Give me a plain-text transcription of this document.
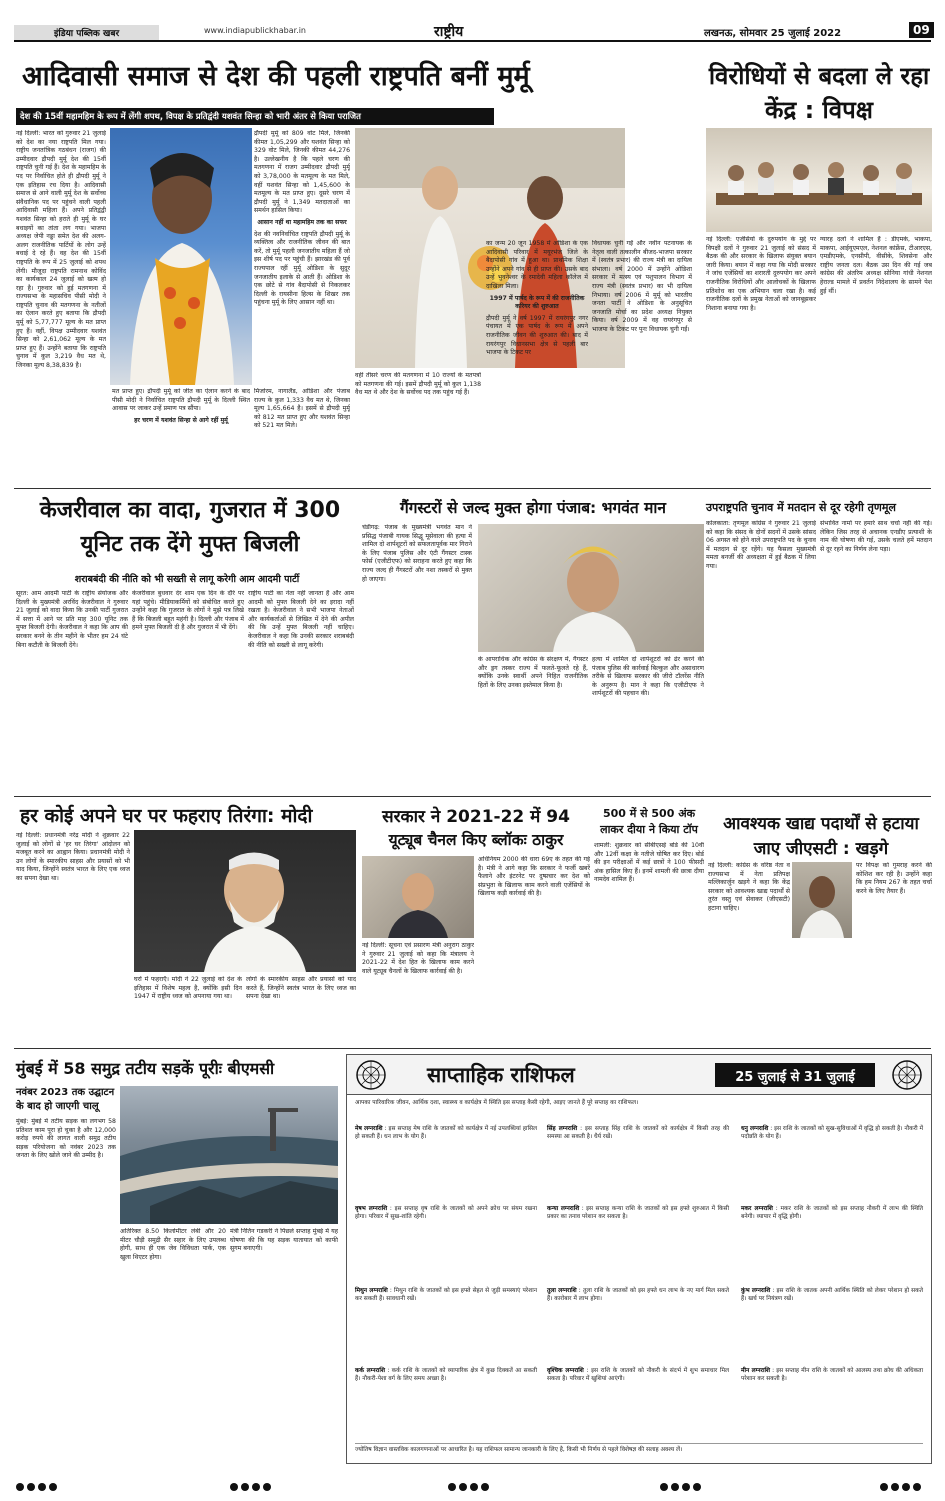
इंडिया पब्लिक खबर	www.indiapublickhabar.in	राष्ट्रीय	लखनऊ, सोमवार 25 जुलाई 2022	09
आदिवासी समाज से देश की पहली राष्ट्रपति बनीं मुर्मू
देश की 15वीं महामहिम के रूप में लेंगी शपथ, विपक्ष के प्रतिद्वंदी यशवंत सिन्हा को भारी अंतर से किया पराजित
नई दिल्ली: भारत को गुरुवार 21 जुलाई को देश का नया राष्ट्रपति मिल गया। राष्ट्रीय जनतांत्रिक गठबंधन (राजग) की उम्मीदवार द्रौपदी मुर्मू देश की 15वीं राष्ट्रपति चुनी गई हैं। देश के महामहिम के पद पर निर्वाचित होते ही द्रौपदी मुर्मू ने एक इतिहास रच दिया है। आदिवासी समाज से आने वाली मुर्मू देश के सर्वोच्च संवैधानिक पद पर पहुंचने वाली पहली आदिवासी महिला हैं। अपने प्रतिद्वंद्वी यशवंत सिन्हा को हराते ही मुर्मू के घर बधाइयों का तांता लग गया। भाजपा अध्यक्ष जेपी नड्डा समेत देश की अलग-अलग राजनीतिक पार्टियों के लोग उन्हें बधाई दे रहे हैं। वह देश की 15वीं राष्ट्रपति के रूप में 25 जुलाई को शपथ लेंगी। मौजूदा राष्ट्रपति रामनाथ कोविंद का कार्यकाल 24 जुलाई को खत्म हो रहा है। गुरुवार को हुई मतगणना में राज्यसभा के महासचिव पीसी मोदी ने राष्ट्रपति चुनाव की मतगणना के नतीजों का ऐलान करते हुए बताया कि द्रौपदी मुर्मू को 5,77,777 मूल्य के मत प्राप्त हुए हैं। वहीं, विपक्ष उम्मीदवार यशवंत सिन्हा को 2,61,062 मूल्य के मत प्राप्त हुए हैं। उन्होंने बताया कि राष्ट्रपति चुनाव में कुल 3,219 वैध मत थे, जिनका मूल्य 8,38,839 है।
द्रौपदी मुर्मू को 809 वोट मिले, जिनकी कीमत 1,05,299 और यशवंत सिन्हा को 329 वोट मिले, जिनकी कीमत 44,276 है। उल्लेखनीय है कि पहले चरण की मतगणना में राजग उम्मीदवार द्रौपदी मुर्मू को 3,78,000 के मतमूल्य के मत मिले, वहीं यशवंत सिन्हा को 1,45,600 के मतमूल्य के मत प्राप्त हुए। दूसरे चरण में द्रौपदी मुर्मू ने 1,349 मतदाताओं का समर्थन हासिल किया।
आसान नहीं था महामहिम तक का सफर
देश की नवनिर्वाचित राष्ट्रपति द्रौपदी मुर्मू के व्यक्तित्व और राजनीतिक जीवन की बात करें, तो मुर्मू पहली जनजातीय महिला हैं जो इस शीर्ष पद पर पहुंची हैं। झारखंड की पूर्व राज्यपाल रहीं मुर्मू ओडिशा के सुदूर जनजातीय इलाके से आती हैं। ओडिशा के एक छोटे से गांव बैदापोसी से निकलकर दिल्ली के रायसीना हिल्स के शिखर तक पहुंचना मुर्मू के लिए आसान नहीं था।
का जन्म 20 जून 1958 में ओडिशा के एक आदिवासी परिवार में मयूरभंज जिले के बैदापोसी गांव में हुआ था। प्राथमिक शिक्षा उन्होंने अपने गांव से ही प्राप्त की। उसके बाद उन्हें भुवनेश्वर के रमादेवी महिला कॉलेज में दाखिला मिला।
1997 में पार्षद के रूप में की राजनीतिक करियर की शुरुआत
द्रौपदी मुर्मू ने वर्ष 1997 में रायरंगपुर नगर पंचायत में एक पार्षद के रूप में अपने राजनीतिक जीवन की शुरुआत की। बाद में रायरंगपुर विधानसभा क्षेत्र से पहली बार भाजपा के टिकट पर
विधायक चुनी गईं और नवीन पटनायक के नेतृत्व वाली तत्कालीन बीजद-भाजपा सरकार में (स्वतंत्र प्रभार) की राज्य मंत्री का दायित्व संभाला। वर्ष 2000 में उन्होंने ओडिशा सरकार में मत्स्य एवं पशुपालन विभाग में राज्य मंत्री (स्वतंत्र प्रभार) का भी दायित्व निभाया। वर्ष 2006 में मुर्मू को भारतीय जनता पार्टी ने ओडिशा के अनुसूचित जनजाति मोर्चा का प्रदेश अध्यक्ष नियुक्त किया। वर्ष 2009 में वह रायरंगपुर से भाजपा के टिकट पर पुनः विधायक चुनी गईं।
मत प्राप्त हुए। द्रौपदी मुर्मू को जीत का ऐलान करने के बाद पीसी मोदी ने निर्वाचित राष्ट्रपति द्रौपदी मुर्मू के दिल्ली स्थित आवास पर जाकर उन्हें प्रमाण पत्र सौंपा।
हर चरण में यशवंत सिन्हा से आगे रहीं मुर्मू
मिजोरम, नागालैंड, ओडिशा और पंजाब राज्य के कुल 1,333 वैध मत थे, जिनका मूल्य 1,65,664 है। इसमें से द्रौपदी मुर्मू को 812 मत प्राप्त हुए और यशवंत सिन्हा को 521 मत मिले।
वहीं तीसरे चरण की मतगणना में 10 राज्यों के मतपत्रों को मतगणना की गई। इसमें द्रौपदी मुर्मू को कुल 1,138 वैध मत थे और देश के सर्वोच्च पद तक पहुंच गई हैं।
विरोधियों से बदला ले रहा केंद्र : विपक्ष
नई दिल्ली: एजेंसियों के दुरुपयोग के मुद्दे पर विपक्षी दलों ने गुरुवार 21 जुलाई को संसद में बैठक की और सरकार के खिलाफ संयुक्त बयान जारी किया। बयान में कहा गया कि मोदी सरकार ने जांच एजेंसियों का शरारती दुरुपयोग कर अपने राजनीतिक विरोधियों और आलोचकों के खिलाफ प्रतिशोध का एक अभियान चला रखा है। कई राजनीतिक दलों के प्रमुख नेताओं को जानबूझकर निशाना बनाया गया है।
ग्यारह दलों ने शामिल हैं : डीएमके, भाकपा, माकपा, आईयूएमएल, नेशनल कांफ्रेंस, टीआरएस, एमडीएमके, एनसीपी, वीसीके, शिवसेना और राष्ट्रीय जनता दल। बैठक उस दिन की गई जब कांग्रेस की अंतरिम अध्यक्ष सोनिया गांधी नेशनल हेराल्ड मामले में प्रवर्तन निदेशालय के सामने पेश हुई थीं।
केजरीवाल का वादा, गुजरात में 300 यूनिट तक देंगे मुफ्त बिजली
शराबबंदी की नीति को भी सख्ती से लागू करेगी आम आदमी पार्टी
सूरत: आम आदमी पार्टी के राष्ट्रीय संयोजक और दिल्ली के मुख्यमंत्री अरविंद केजरीवाल ने गुरुवार 21 जुलाई को वादा किया कि उनकी पार्टी गुजरात में सत्ता में आने पर प्रति माह 300 यूनिट तक मुफ्त बिजली देगी। केजरीवाल ने कहा कि आप की सरकार बनने के तीन महीने के भीतर हम 24 घंटे बिना कटौती के बिजली देंगे।
केजरीवाल बुधवार देर शाम एक दिन के दौरे पर यहां पहुंचे। मीडियाकर्मियों को संबोधित करते हुए उन्होंने कहा कि गुजरात के लोगों ने मुझे पत्र लिखे हैं कि बिजली बहुत महंगी है। दिल्ली और पंजाब में हमने मुफ्त बिजली दी है और गुजरात में भी देंगे।
राष्ट्रीय पार्टी का नेता नहीं जानता है और आम आदमी को मुफ्त बिजली देने का इरादा नहीं रखता है। केजरीवाल ने सभी भाजपा नेताओं और कार्यकर्ताओं से लिखित में देने की अपील की कि उन्हें मुफ्त बिजली नहीं चाहिए। केजरीवाल ने कहा कि उनकी सरकार शराबबंदी की नीति को सख्ती से लागू करेगी।
गैंगस्टरों से जल्द मुक्त होगा पंजाब: भगवंत मान
चंडीगढ़: पंजाब के मुख्यमंत्री भगवंत मान ने प्रसिद्ध पंजाबी गायक सिद्धू मूसेवाला की हत्या में शामिल दो शार्पशूटरों को सफलतापूर्वक मार गिराने के लिए पंजाब पुलिस और एंटी गैंगस्टर टास्क फोर्स (एजीटीएफ) को सराहना करते हुए कहा कि राज्य जल्द ही गैंगस्टरों और नशा तस्करों से मुक्त हो जाएगा।
के आपराधिक और कांग्रेस के संरक्षण में, गैंगस्टर और ड्रग तस्कर राज्य में फलते-फूलते रहे हैं, क्योंकि उनके स्वार्थी अपने निहित राजनीतिक हितों के लिए उनका इस्तेमाल किया है।
हत्या में शामिल दो शार्पशूटरों को ढेर करने की पंजाब पुलिस की कार्रवाई बिल्कुल और असाधारण तरीके से खिलाफ सरकार की जीरो टॉलरेंस नीति के अनुरूप है। मान ने कहा कि एजीटीएफ ने शार्पशूटरों की पहचान की।
उपराष्ट्रपति चुनाव में मतदान से दूर रहेगी तृणमूल
कोलकाता: तृणमूल कांग्रेस ने गुरुवार 21 जुलाई को कहा कि संसद के दोनों सदनों में उसके सांसद 06 अगस्त को होने वाले उपराष्ट्रपति पद के चुनाव में मतदान से दूर रहेंगे। यह फैसला मुख्यमंत्री ममता बनर्जी की अध्यक्षता में हुई बैठक में लिया गया।
संभावित नामों पर हमारे साथ चर्चा नहीं की गई। लेकिन जिस तरह से अचानक एनडीए प्रत्याशी के नाम की घोषणा की गई, उसके चलते हमें मतदान से दूर रहने का निर्णय लेना पड़ा।
हर कोई अपने घर पर फहराए तिरंगा: मोदी
नई दिल्ली: प्रधानमंत्री नरेंद्र मोदी ने शुक्रवार 22 जुलाई को लोगों से 'हर घर तिरंगा' आंदोलन को मजबूत करने का आह्वान किया। प्रधानमंत्री मोदी ने उन लोगों के स्मारकीय साहस और प्रयासों को भी याद किया, जिन्होंने स्वतंत्र भारत के लिए एक ध्वज का सपना देखा था।
घरों में फहराएँ। मोदी ने 22 जुलाई को देश के इतिहास में विशेष महत्व है, क्योंकि इसी दिन 1947 में राष्ट्रीय ध्वज को अपनाया गया था।
लोगों के स्मारकीय साहस और प्रयासों को याद करते हैं, जिन्होंने स्वतंत्र भारत के लिए ध्वज का सपना देखा था।
सरकार ने 2021-22 में 94
यूट्यूब चैनल किए ब्लॉकः ठाकुर
नई दिल्ली: सूचना एवं प्रसारण मंत्री अनुराग ठाकुर ने गुरुवार 21 जुलाई को कहा कि मंत्रालय ने 2021-22 में देश हित के खिलाफ काम करने वाले यूट्यूब चैनलों के खिलाफ कार्रवाई की है।
अधिनियम 2000 की धारा 69ए के तहत की गई है। मंत्री ने आगे कहा कि सरकार ने फर्जी खबरें फैलाने और इंटरनेट पर दुष्प्रचार कर देश को संप्रभुता के खिलाफ काम करने वाली एजेंसियों के खिलाफ कड़ी कार्रवाई की है।
500 में से 500 अंक
लाकर दीया ने किया टॉप
शामली: शुक्रवार को सीबीएसई बोर्ड की 10वीं और 12वीं कक्षा के नतीजे घोषित कर दिए। बोर्ड की इन परीक्षाओं में कई छात्रों ने 100 फीसदी अंक हासिल किए हैं। इनमें शामली की छात्रा दीया नामदेव शामिल हैं।
आवश्यक खाद्य पदार्थों से हटाया जाए जीएसटी : खड़गे
नई दिल्ली: कांग्रेस के वरिष्ठ नेता व राज्यसभा में नेता प्रतिपक्ष मल्लिकार्जुन खड़गे ने कहा कि केंद्र सरकार को आवश्यक खाद्य पदार्थों से तुरंत वस्तु एवं सेवाकर (जीएसटी) हटाना चाहिए।
पर विपक्ष को गुमराह करने की कोशिश कर रही है। उन्होंने कहा कि हम नियम 267 के तहत चर्चा करने के लिए तैयार हैं।
मुंबई में 58 समुद्र तटीय सड़कें पूरीः बीएमसी
नवंबर 2023 तक उद्घाटन के बाद हो जाएगी चालू
मुंबई: मुंबई में तटीय सड़क का लगभग 58 प्रतिशत काम पूरा हो चुका है और 12,000 करोड़ रुपये की लागत वाली समुद्र तटीय सड़क परियोजना को नवंबर 2023 तक जनता के लिए खोले जाने की उम्मीद है।
अतिरिक्त 8.50 किलोमीटर लंबी और 20 मीटर चौड़ी समुद्री सैर सहार के लिए उपलब्ध होगी, साथ ही एक जेव विविधता पार्क, एक खुला थिएटर होगा।
मंत्री नितिन गडकरी ने पिछले सप्ताह मुंबई में यह घोषणा की कि यह सड़क यातायात को काफी सुगम बनाएगी।
साप्ताहिक राशिफल	25 जुलाई से 31 जुलाई
आपका पारिवारिक जीवन, आर्थिक दशा, स्वास्थ्य व कार्यक्षेत्र में स्थिति इस सप्ताह कैसी रहेगी, आइए जानते हैं पूरे सप्ताह का राशिफल।
मेष लग्नराशि : इस सप्ताह मेष राशि के जातकों को कार्यक्षेत्र में नई उपलब्धियां हासिल हो सकती हैं। धन लाभ के योग हैं।
सिंह लग्नराशि : इस सप्ताह सिंह राशि के जातकों को कार्यक्षेत्र में किसी तरह की समस्या आ सकती है। धैर्य रखें।
धनु लग्नराशि : इस राशि के जातकों को सुख-सुविधाओं में वृद्धि हो सकती है। नौकरी में पदोन्नति के योग हैं।
वृषभ लग्नराशि : इस सप्ताह वृष राशि के जातकों को अपने क्रोध पर संयम रखना होगा। परिवार में सुख-शांति रहेगी।
कन्या लग्नराशि : इस सप्ताह कन्या राशि के जातकों को इस हफ्ते शुरुआत में किसी प्रकार का तनाव परेशान कर सकता है।
मकर लग्नराशि : मकर राशि के जातकों को इस सप्ताह नौकरी में लाभ की स्थिति बनेगी। व्यापार में वृद्धि होगी।
मिथुन लग्नराशि : मिथुन राशि के जातकों को इस हफ्ते सेहत से जुड़ी समस्याएं परेशान कर सकती हैं। सावधानी रखें।
तुला लग्नराशि : तुला राशि के जातकों को इस हफ्ते धन लाभ के नए मार्ग मिल सकते हैं। कारोबार में लाभ होगा।
कुंभ लग्नराशि : इस राशि के जातक अपनी आर्थिक स्थिति को लेकर परेशान हो सकते हैं। खर्च पर नियंत्रण रखें।
कर्क लग्नराशि : कर्क राशि के जातकों को व्यापारिक क्षेत्र में कुछ दिक्कतें आ सकती हैं। नौकरी-पेशा वर्ग के लिए समय अच्छा है।
वृश्चिक लग्नराशि : इस राशि के जातकों को नौकरी के संदर्भ में शुभ समाचार मिल सकता है। परिवार में खुशियां आएंगी।
मीन लग्नराशि : इस सप्ताह मीन राशि के जातकों को आलस्य तथा क्रोध की अधिकता परेशान कर सकती है।
ज्योतिष विज्ञान वास्तविक कालगणनाओं पर आधारित है। यह राशिफल सामान्य जानकारी के लिए है, किसी भी निर्णय से पहले विशेषज्ञ की सलाह अवश्य लें।
